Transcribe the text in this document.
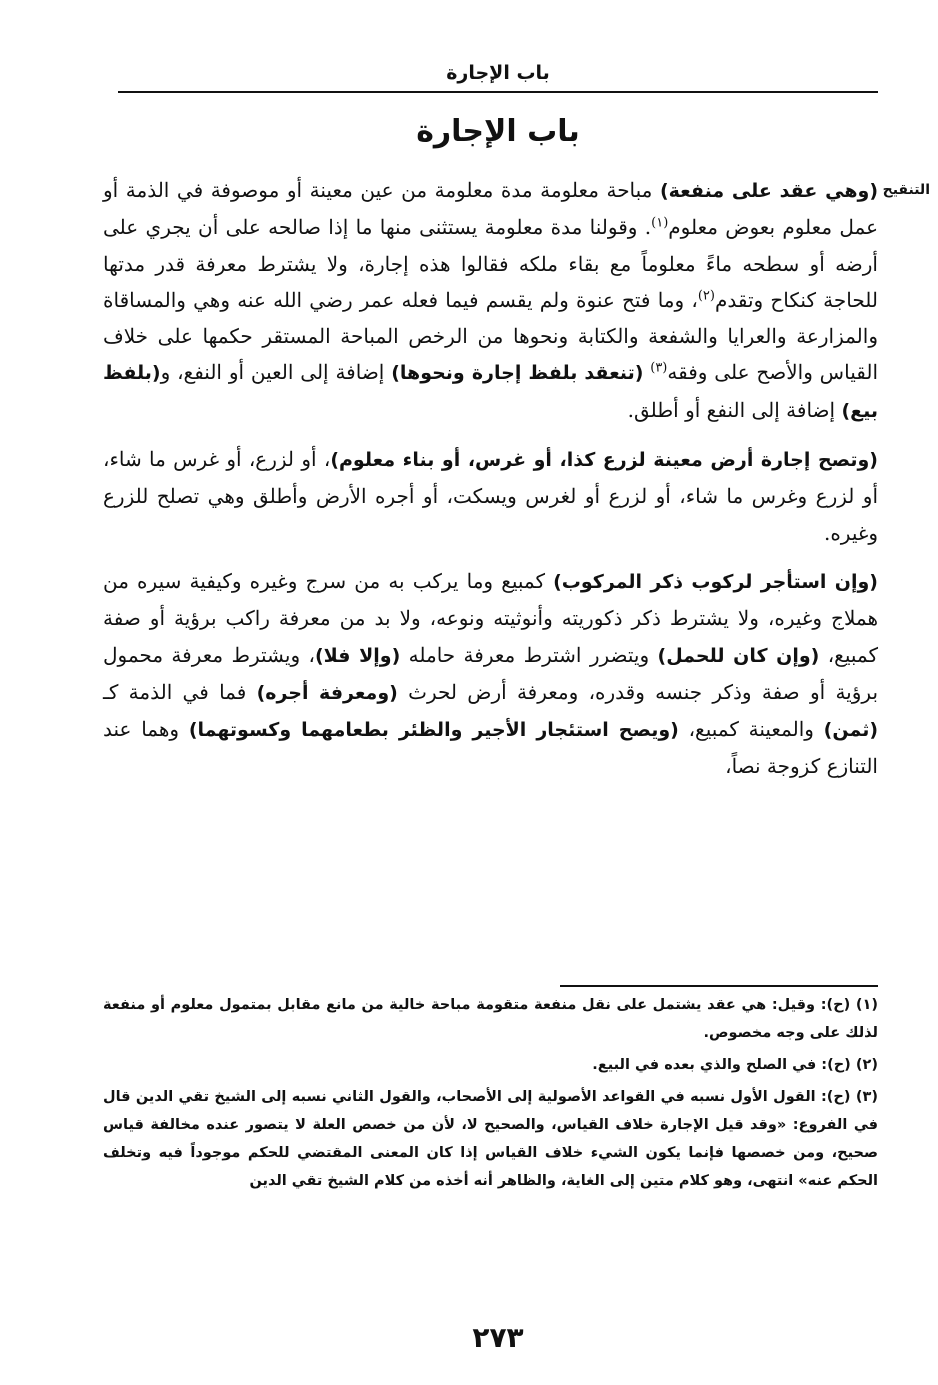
باب الإجارة
باب الإجارة
التنقيح

(وهي عقد على منفعة) مباحة معلومة مدة معلومة من عين معينة أو موصوفة في الذمة أو عمل معلوم بعوض معلوم$^{(١)}$. وقولنا مدة معلومة يستثنى منها ما إذا صالحه على أن يجري على أرضه أو سطحه ماءً معلوماً مع بقاء ملكه فقالوا هذه إجارة، ولا يشترط معرفة قدر مدتها للحاجة كنكاح وتقدم$^{(٢)}$، وما فتح عنوة ولم يقسم فيما فعله عمر رضي الله عنه وهي والمساقاة والمزارعة والعرايا والشفعة والكتابة ونحوها من الرخص المباحة المستقر حكمها على خلاف القياس والأصح على وفقه$^{(٣)}$ (تنعقد بلفظ إجارة ونحوها) إضافة إلى العين أو النفع، و(بلفظ بيع) إضافة إلى النفع أو أطلق.

(وتصح إجارة أرض معينة لزرع كذا، أو غرس، أو بناء معلوم)، أو لزرع، أو غرس ما شاء، أو لزرع وغرس ما شاء، أو لزرع أو لغرس ويسكت، أو أجره الأرض وأطلق وهي تصلح للزرع وغيره.

(وإن استأجر لركوب ذكر المركوب) كمبيع وما يركب به من سرج وغيره وكيفية سيره من هملاج وغيره، ولا يشترط ذكر ذكوريته وأنوثيته ونوعه، ولا بد من معرفة راكب برؤية أو صفة كمبيع، (وإن كان للحمل) ويتضرر اشترط معرفة حامله (وإلا فلا)، ويشترط معرفة محمول برؤية أو صفة وذكر جنسه وقدره، ومعرفة أرض لحرث (ومعرفة أجره) فما في الذمة كـ (ثمن) والمعينة كمبيع، (ويصح استئجار الأجير والظئر بطعامهما وكسوتهما) وهما عند التنازع كزوجة نصاً،

(١) (ح): وقيل: هي عقد يشتمل على نقل منفعة متقومة مباحة خالية من مانع مقابل بمتمول معلوم أو منفعة لذلك على وجه مخصوص.

(٢) (ح): في الصلح والذي بعده في البيع.

(٣) (ح): القول الأول نسبه في القواعد الأصولية إلى الأصحاب، والقول الثاني نسبه إلى الشيخ تقي الدين قال في الفروع: «وقد قيل الإجارة خلاف القياس، والصحيح لا، لأن من خصص العلة لا يتصور عنده مخالفة قياس صحيح، ومن خصصها فإنما يكون الشيء خلاف القياس إذا كان المعنى المقتضي للحكم موجوداً فيه وتخلف الحكم عنه» انتهى، وهو كلام متين إلى الغاية، والظاهر أنه أخذه من كلام الشيخ تقي الدين

٢٧٣
